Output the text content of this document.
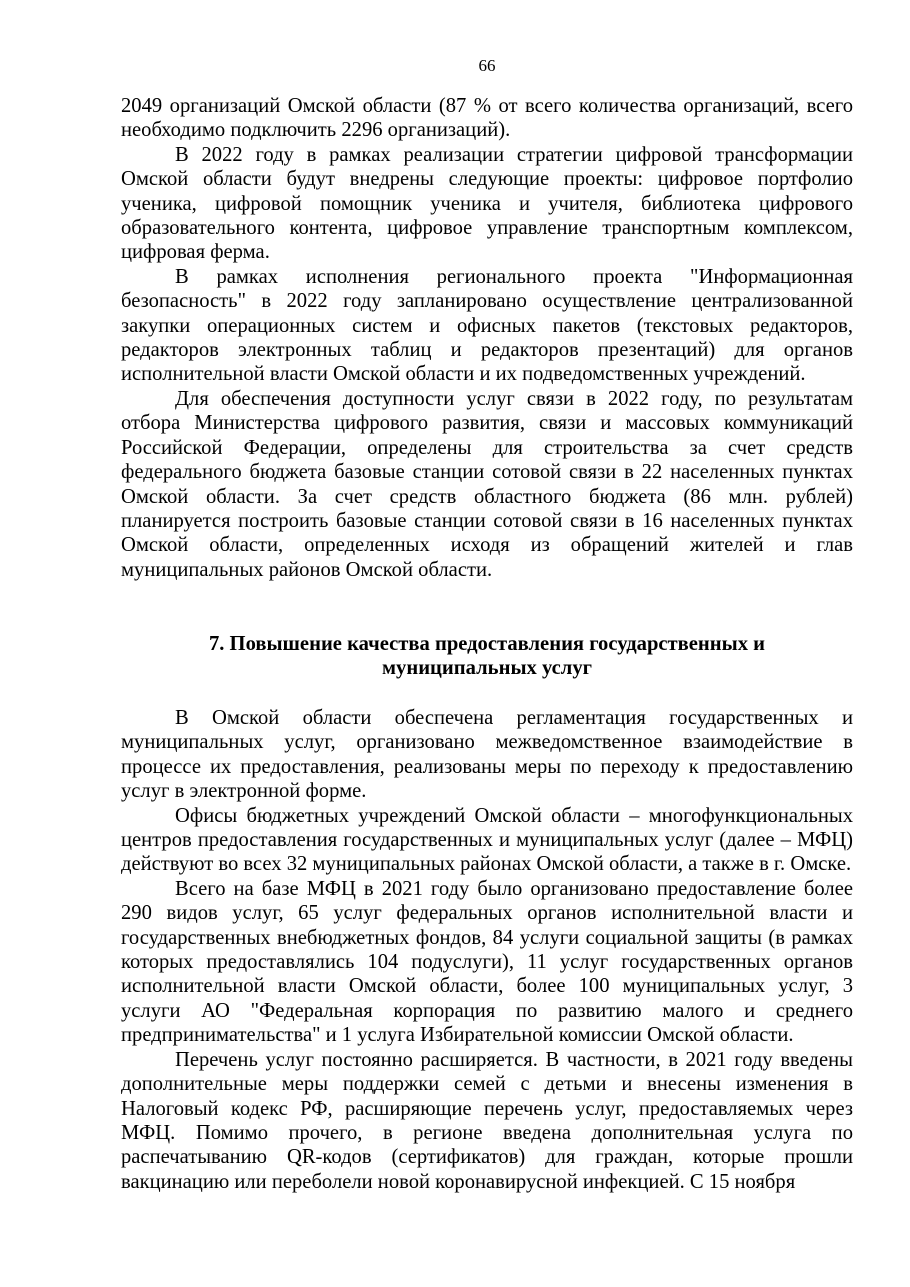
66

2049 организаций Омской области (87 % от всего количества организаций, всего необходимо подключить 2296 организаций).

В 2022 году в рамках реализации стратегии цифровой трансформации Омской области будут внедрены следующие проекты: цифровое портфолио ученика, цифровой помощник ученика и учителя, библиотека цифрового образовательного контента, цифровое управление транспортным комплексом, цифровая ферма.

В рамках исполнения регионального проекта "Информационная безопасность" в 2022 году запланировано осуществление централизованной закупки операционных систем и офисных пакетов (текстовых редакторов, редакторов электронных таблиц и редакторов презентаций) для органов исполнительной власти Омской области и их подведомственных учреждений.

Для обеспечения доступности услуг связи в 2022 году, по результатам отбора Министерства цифрового развития, связи и массовых коммуникаций Российской Федерации, определены для строительства за счет средств федерального бюджета базовые станции сотовой связи в 22 населенных пунктах Омской области. За счет средств областного бюджета (86 млн. рублей) планируется построить базовые станции сотовой связи в 16 населенных пунктах Омской области, определенных исходя из обращений жителей и глав муниципальных районов Омской области.

7. Повышение качества предоставления государственных и

муниципальных услуг

В Омской области обеспечена регламентация государственных и муниципальных услуг, организовано межведомственное взаимодействие в процессе их предоставления, реализованы меры по переходу к предоставлению услуг в электронной форме.

Офисы бюджетных учреждений Омской области – многофункциональных центров предоставления государственных и муниципальных услуг (далее – МФЦ) действуют во всех 32 муниципальных районах Омской области, а также в г. Омске.

Всего на базе МФЦ в 2021 году было организовано предоставление более 290 видов услуг, 65 услуг федеральных органов исполнительной власти и государственных внебюджетных фондов, 84 услуги социальной защиты (в рамках которых предоставлялись 104 подуслуги), 11 услуг государственных органов исполнительной власти Омской области, более 100 муниципальных услуг, 3 услуги АО "Федеральная корпорация по развитию малого и среднего предпринимательства" и 1 услуга Избирательной комиссии Омской области.

Перечень услуг постоянно расширяется. В частности, в 2021 году введены дополнительные меры поддержки семей с детьми и внесены изменения в Налоговый кодекс РФ, расширяющие перечень услуг, предоставляемых через МФЦ. Помимо прочего, в регионе введена дополнительная услуга по распечатыванию QR-кодов (сертификатов) для граждан, которые прошли вакцинацию или переболели новой коронавирусной инфекцией. С 15 ноября
